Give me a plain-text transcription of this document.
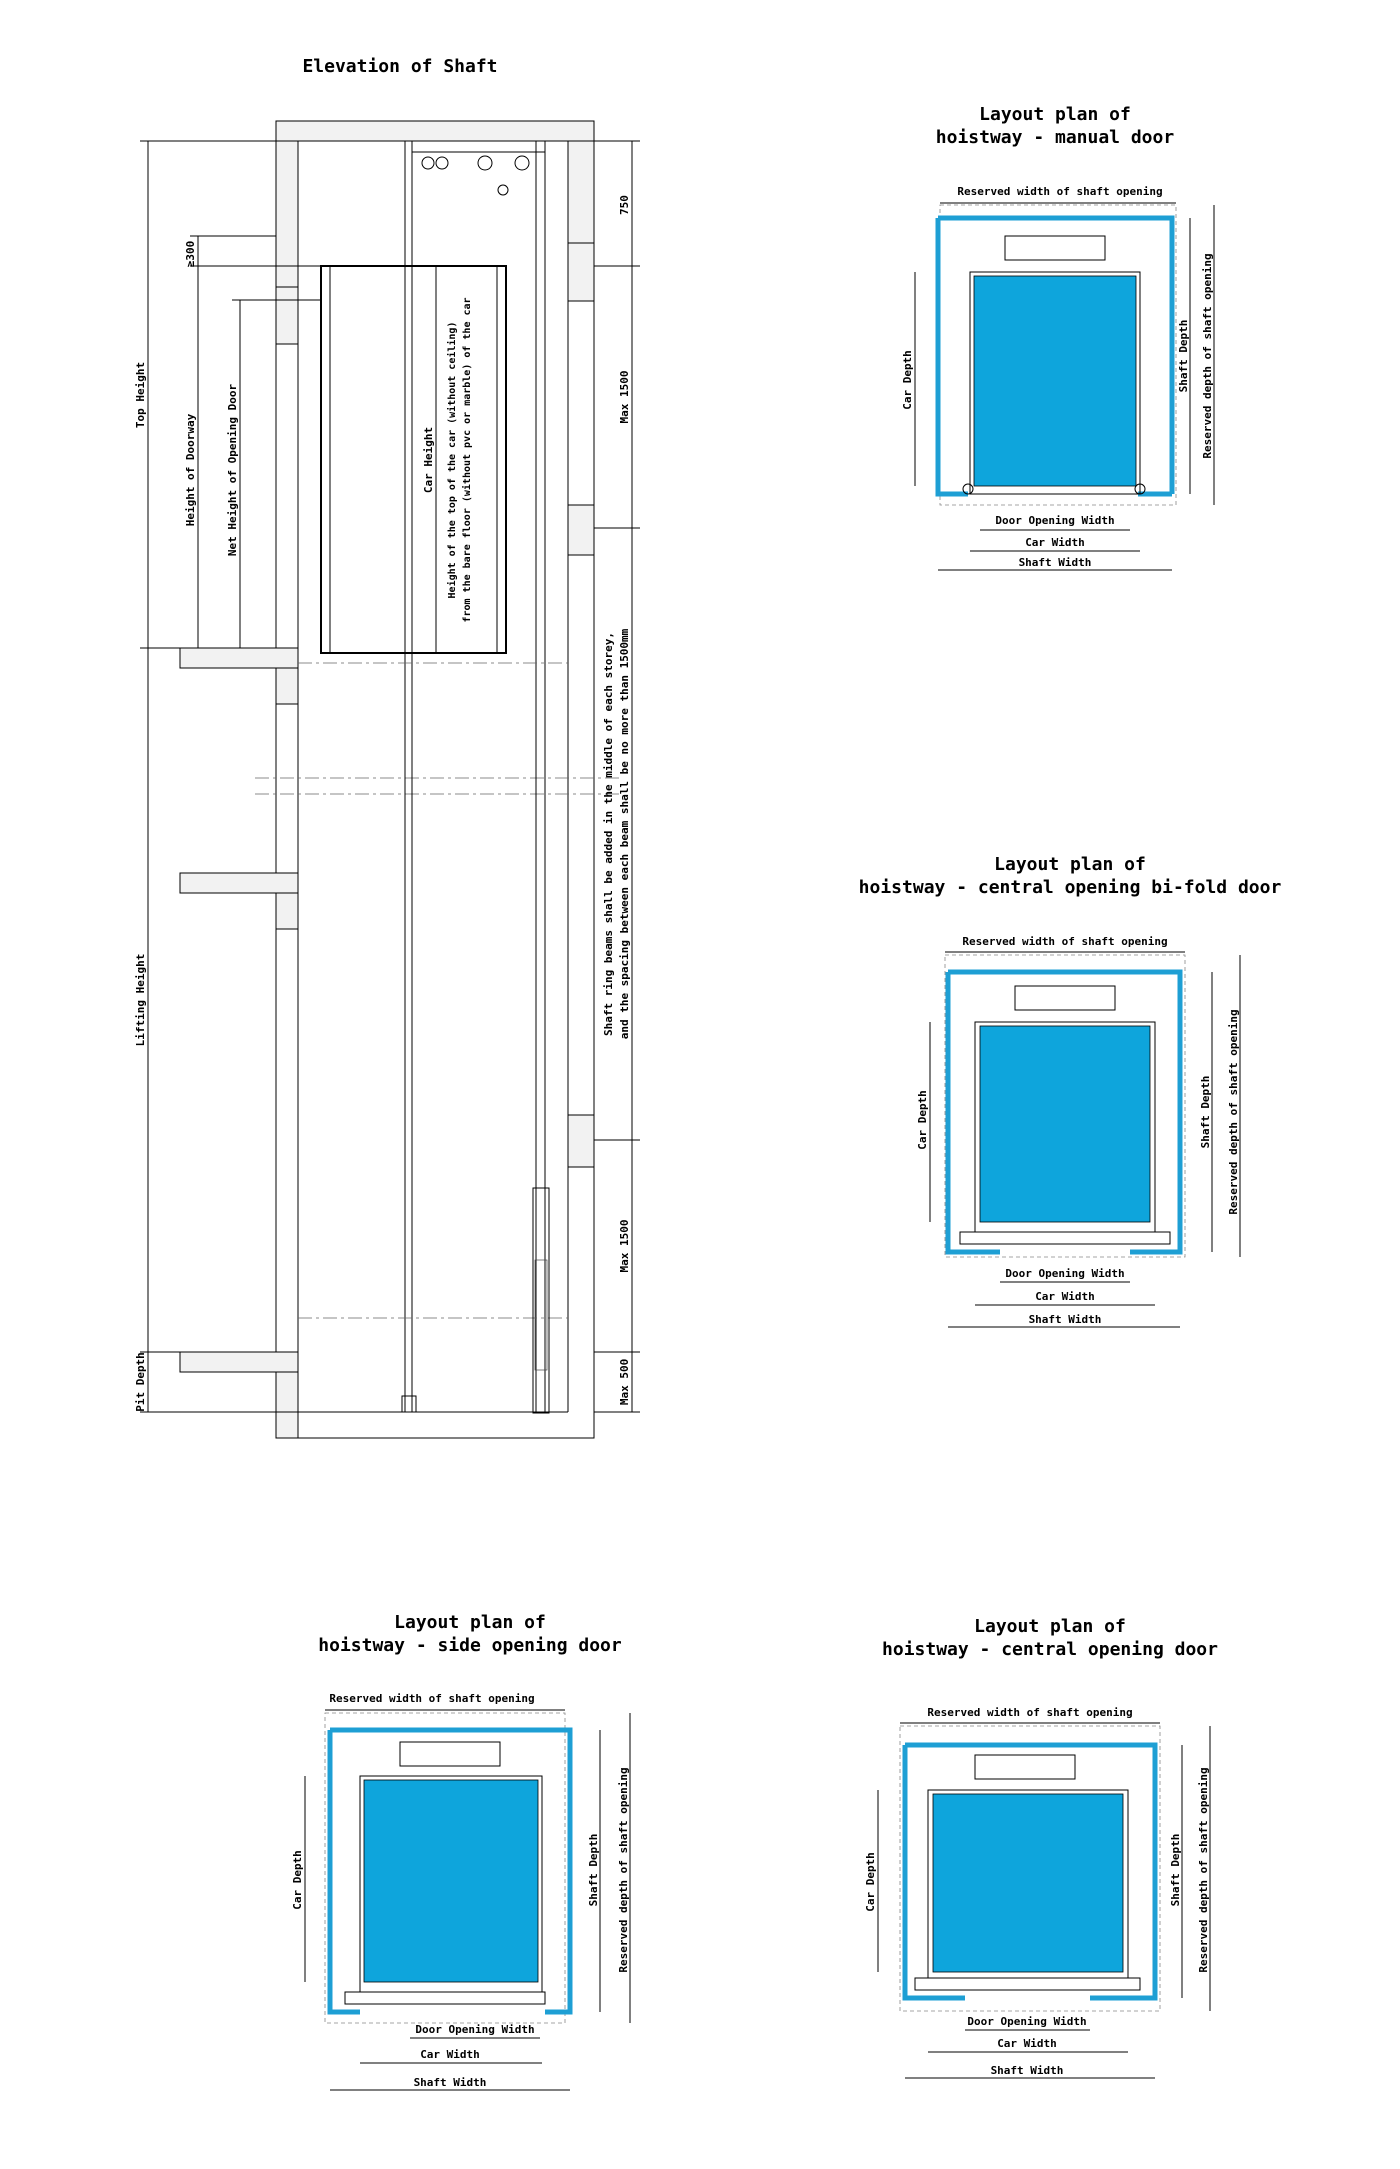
Elevation of Shaft
Top Height
Lifting Height
Pit Depth
Height of Doorway	Net Height of Opening Door
≥300
Car Height Height of the top of the car (without ceiling) from the bare floor (without pvc or marble) of the car
750
Max 1500
Max 1500
Max 500
Shaft ring beams shall be added in the middle of each storey, and the spacing between each beam shall be no more than 1500mm
Layout plan of
hoistway - manual door
Reserved width of shaft opening
Car Depth	Shaft Depth Reserved depth of shaft opening
Door Opening Width
Car Width
Shaft Width
Layout plan of
hoistway - central opening bi-fold door
Reserved width of shaft opening
Car Depth	Shaft Depth Reserved depth of shaft opening
Door Opening Width
Car Width
Shaft Width
Layout plan of
hoistway - side opening door
Reserved width of shaft opening
Car Depth	Shaft Depth Reserved depth of shaft opening
Door Opening Width
Car Width
Shaft Width
Layout plan of
hoistway - central opening door
Reserved width of shaft opening
Car Depth	Shaft Depth Reserved depth of shaft opening
Door Opening Width
Car Width
Shaft Width
